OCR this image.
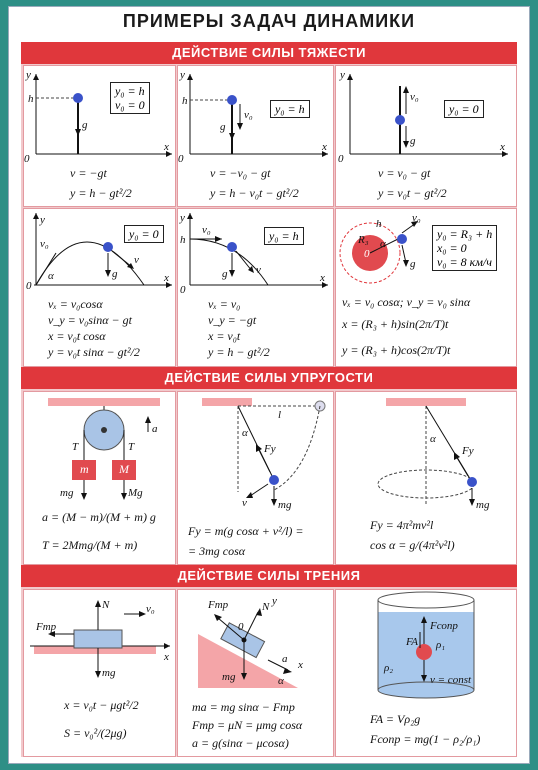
ПРИМЕРЫ ЗАДАЧ ДИНАМИКИ
ДЕЙСТВИЕ СИЛЫ ТЯЖЕСТИ
y
h
0
x
g
y₀ = h
v₀ = 0
v = −gt
y = h − gt²/2
y
h
0
x
v₀
g
y₀ = h
v = −v₀ − gt
y = h − v₀t − gt²/2
y
0
x
v₀
g
y₀ = 0
v = v₀ − gt
y = v₀t − gt²/2
y
v₀
α
0
x
g
v
y₀ = 0
vₓ = v₀cosα
v_y = v₀sinα − gt
x = v₀t cosα
y = v₀t sinα − gt²/2
y
h
v₀
0
x
g	v
y₀ = h
vₓ = v₀
v_y = −gt
x = v₀t
y = h − gt²/2
0
R₃ α
h	v₀
g
y₀ = R₃ + h
x₀ = 0
v₀ = 8 км/ч
vₓ = v₀ cosα; v_y = v₀ sinα
x = (R₃ + h)sin(2π/T)t
y = (R₃ + h)cos(2π/T)t
ДЕЙСТВИЕ СИЛЫ УПРУГОСТИ
T	T
a
mg	Mg
m	M
a = (M − m)/(M + m) g
T = 2Mmg/(M + m)
l
α
Fy
mg
v
Fy = m(g cosα + v²/l) =
= 3mg cosα
α
Fy
mg
Fy = 4π²mν²l
cos α = g/(4π²ν²l)
ДЕЙСТВИЕ СИЛЫ ТРЕНИЯ
N
Fтр
v₀
mg
x
x = v₀t − μgt²/2
S = v₀²/(2μg)
N
Fтр
0
y
x
a
mg	α
ma = mg sinα − Fтр
Fтр = μN = μmg cosα
a = g(sinα − μcosα)
ρ₁
Fсопр
FA
ρ₂
v = const
FA = Vρ₂g
Fсопр = mg(1 − ρ₂/ρ₁)
